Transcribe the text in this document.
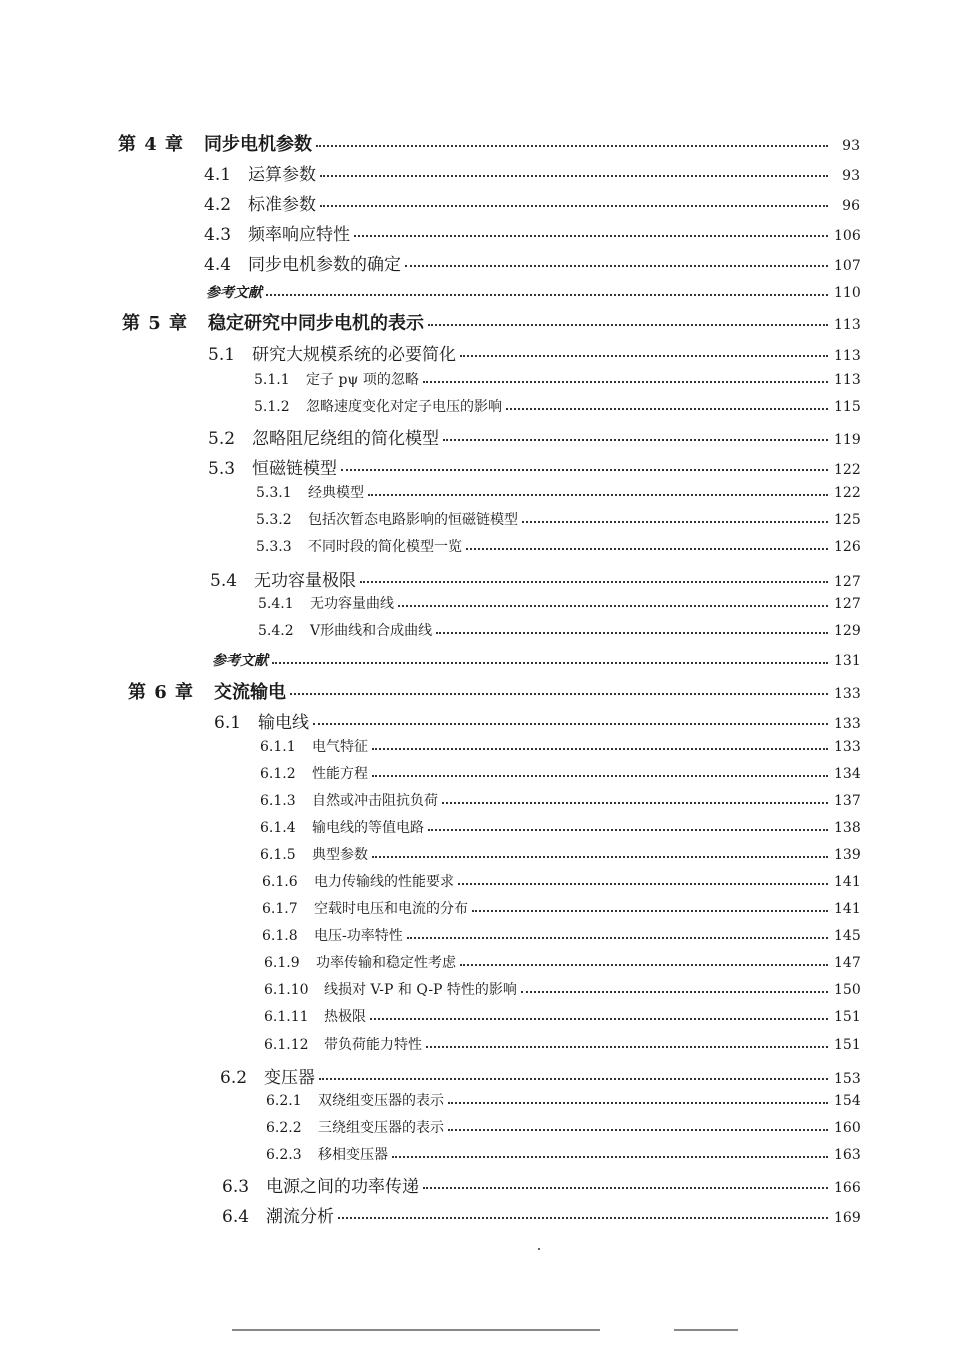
第 4 章	同步电机参数	93
4.1 运算参数	93
4.2 标准参数	96
4.3 频率响应特性	106
4.4 同步电机参数的确定	107
参考文献	110
第 5 章	稳定研究中同步电机的表示	113
5.1 研究大规模系统的必要简化	113
5.1.1	定子 pψ 项的忽略	113
5.1.2	忽略速度变化对定子电压的影响	115
5.2 忽略阻尼绕组的简化模型	119
5.3 恒磁链模型	122
5.3.1	经典模型	122
5.3.2	包括次暂态电路影响的恒磁链模型	125
5.3.3	不同时段的简化模型一览	126
5.4 无功容量极限	127
5.4.1	无功容量曲线	127
5.4.2	V形曲线和合成曲线	129
参考文献	131
第 6 章	交流输电	133
6.1 输电线	133
6.1.1	电气特征	133
6.1.2	性能方程	134
6.1.3	自然或冲击阻抗负荷	137
6.1.4	输电线的等值电路	138
6.1.5	典型参数	139
6.1.6	电力传输线的性能要求	141
6.1.7	空载时电压和电流的分布	141
6.1.8	电压-功率特性	145
6.1.9	功率传输和稳定性考虑	147
6.1.10	线损对 V-P 和 Q-P 特性的影响	150
6.1.11	热极限	151
6.1.12	带负荷能力特性	151
6.2 变压器	153
6.2.1	双绕组变压器的表示	154
6.2.2	三绕组变压器的表示	160
6.2.3	移相变压器	163
6.3 电源之间的功率传递	166
6.4 潮流分析	169
